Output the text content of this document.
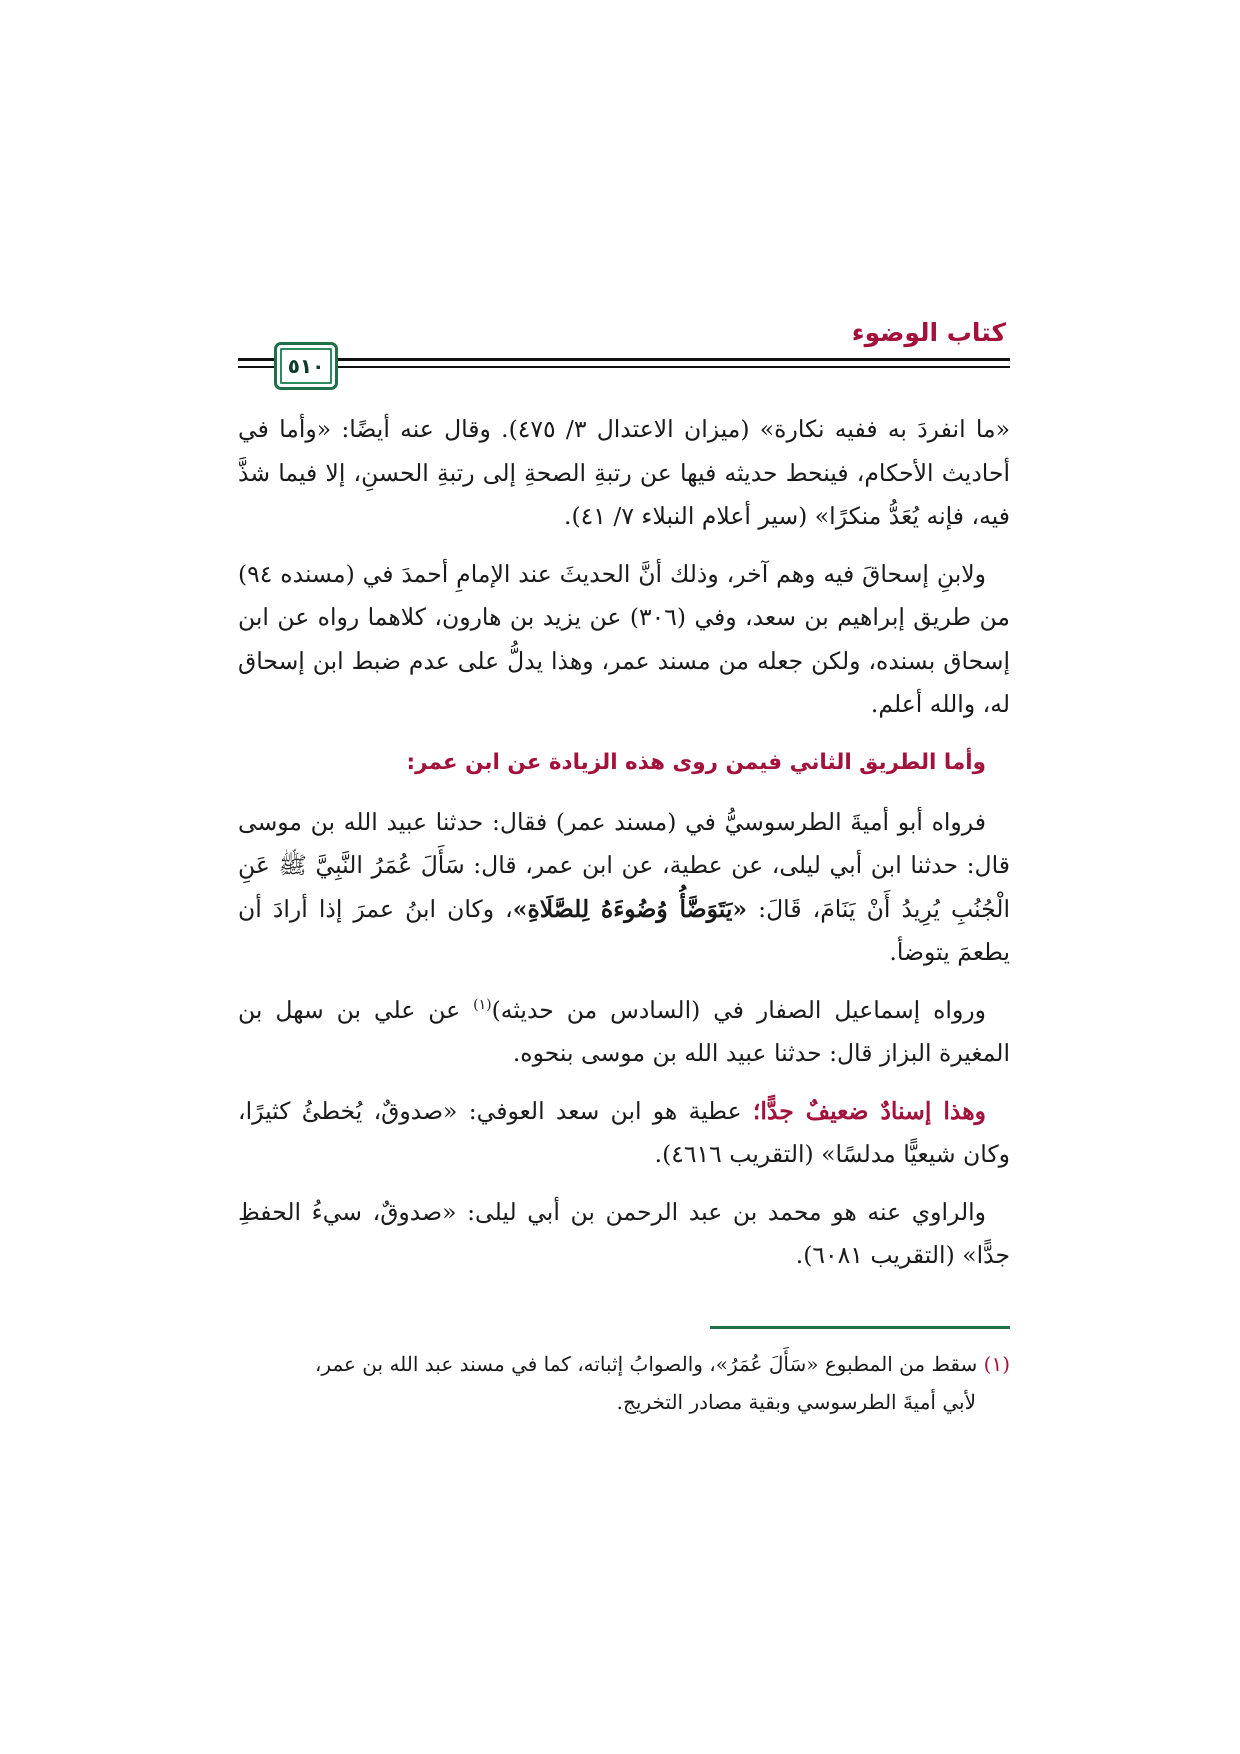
كتاب الوضوء
٥١٠

«ما انفردَ به ففيه نكارة» (ميزان الاعتدال ٣/ ٤٧٥). وقال عنه أيضًا: «وأما في أحاديث الأحكام، فينحط حديثه فيها عن رتبةِ الصحةِ إلى رتبةِ الحسنِ، إلا فيما شذَّ فيه، فإنه يُعَدُّ منكرًا» (سير أعلام النبلاء ٧/ ٤١).

ولابنِ إسحاقَ فيه وهم آخر، وذلك أنَّ الحديثَ عند الإمامِ أحمدَ في (مسنده ٩٤) من طريق إبراهيم بن سعد، وفي (٣٠٦) عن يزيد بن هارون، كلاهما رواه عن ابن إسحاق بسنده، ولكن جعله من مسند عمر، وهذا يدلُّ على عدم ضبط ابن إسحاق له، والله أعلم.

وأما الطريق الثاني فيمن روى هذه الزيادة عن ابن عمر:

فرواه أبو أميةَ الطرسوسيُّ في (مسند عمر) فقال: حدثنا عبيد الله بن موسى قال: حدثنا ابن أبي ليلى، عن عطية، عن ابن عمر، قال: سَأَلَ عُمَرُ النَّبِيَّ ﷺ عَنِ الْجُنُبِ يُرِيدُ أَنْ يَنَامَ، قَالَ: «يَتَوَضَّأُ وُضُوءَهُ لِلصَّلَاةِ»، وكان ابنُ عمرَ إذا أرادَ أن يطعمَ يتوضأ.

ورواه إسماعيل الصفار في (السادس من حديثه)$^{(١)}$ عن علي بن سهل بن المغيرة البزاز قال: حدثنا عبيد الله بن موسى بنحوه.

وهذا إسنادٌ ضعيفٌ جدًّا؛ عطية هو ابن سعد العوفي: «صدوقٌ، يُخطئُ كثيرًا، وكان شيعيًّا مدلسًا» (التقريب ٤٦١٦).

والراوي عنه هو محمد بن عبد الرحمن بن أبي ليلى: «صدوقٌ، سيءُ الحفظِ جدًّا» (التقريب ٦٠٨١).

(١) سقط من المطبوع «سَأَلَ عُمَرُ»، والصوابُ إثباته، كما في مسند عبد الله بن عمر،
لأبي أميةَ الطرسوسي وبقية مصادر التخريج.
